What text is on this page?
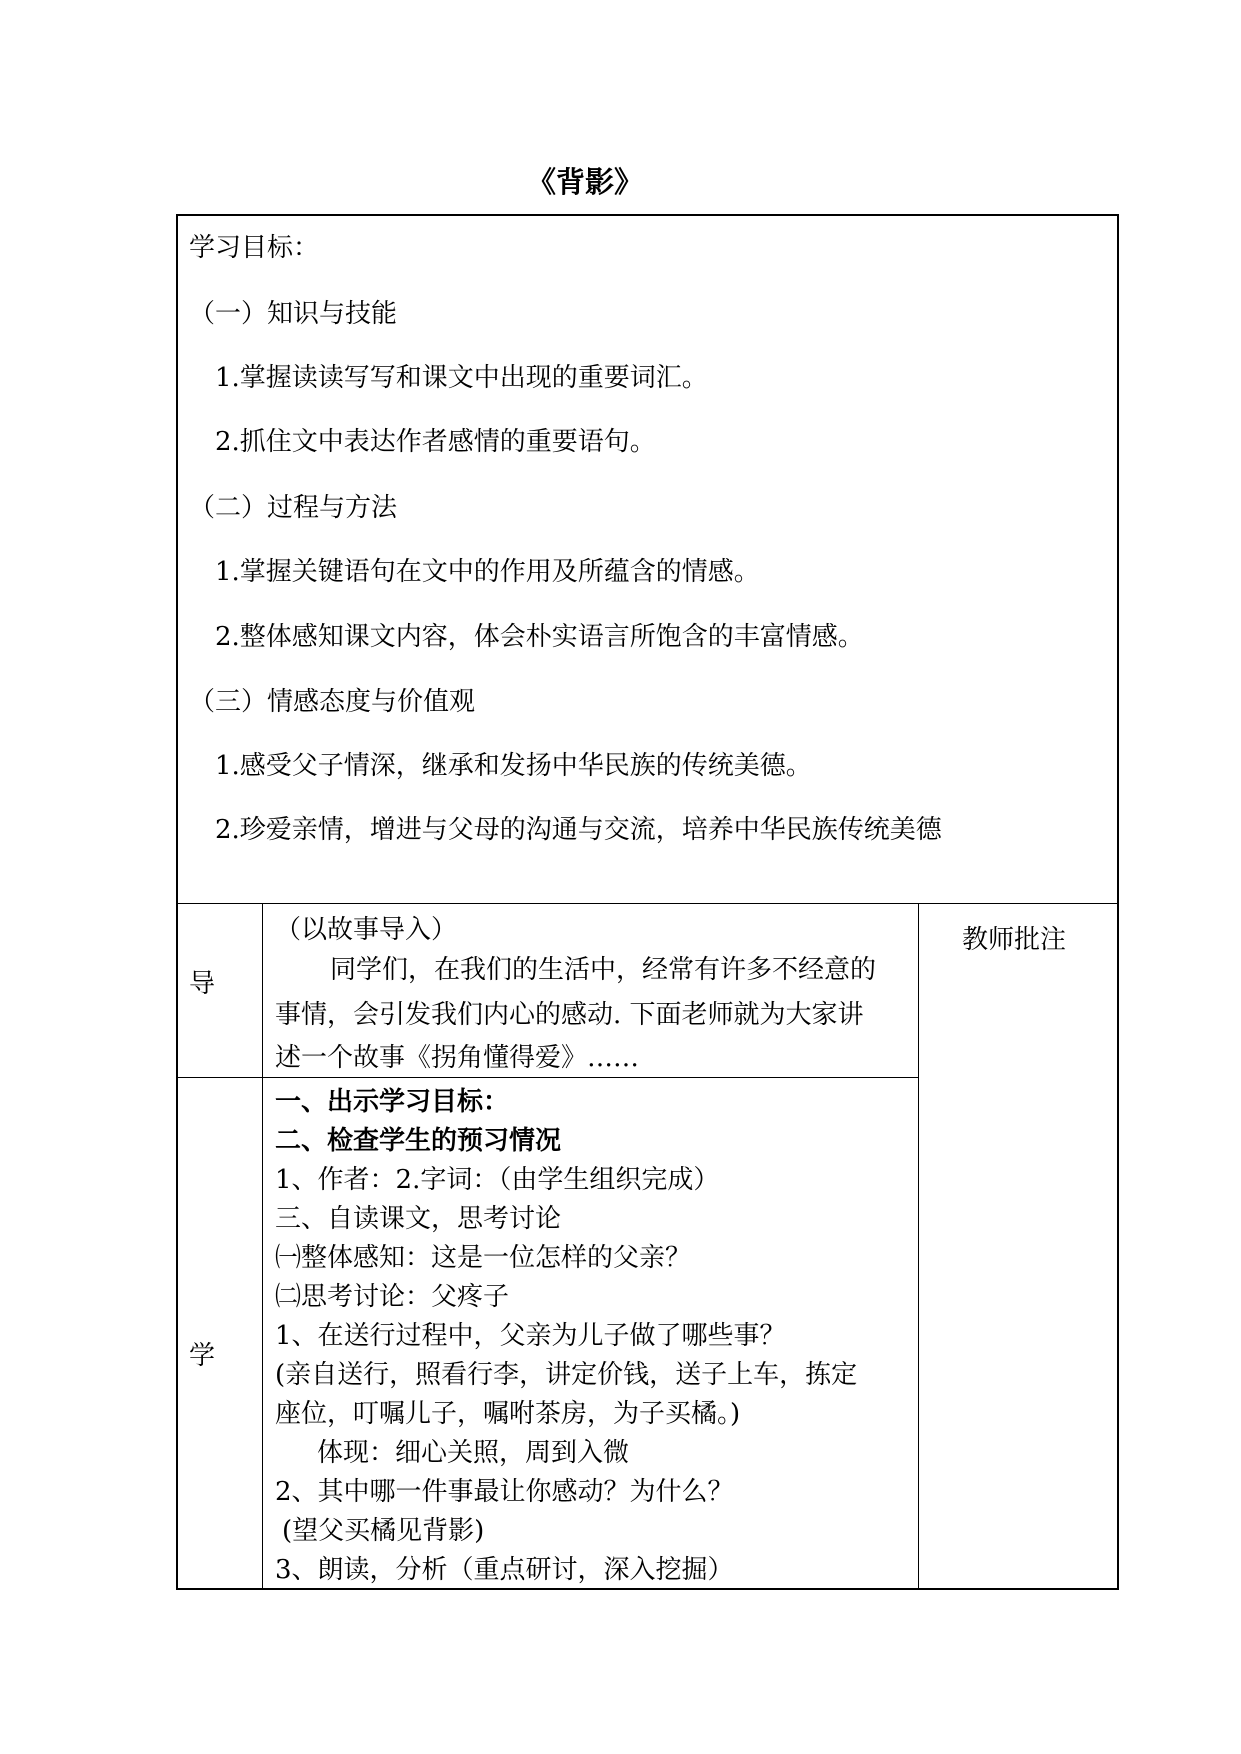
《背影》
学习目标：
（一）知识与技能
1.掌握读读写写和课文中出现的重要词汇。
2.抓住文中表达作者感情的重要语句。
（二）过程与方法
1.掌握关键语句在文中的作用及所蕴含的情感。
2.整体感知课文内容，体会朴实语言所饱含的丰富情感。
（三）情感态度与价值观
1.感受父子情深，继承和发扬中华民族的传统美德。
2.珍爱亲情，增进与父母的沟通与交流，培养中华民族传统美德
教师批注
导
（以故事导入）
同学们，在我们的生活中，经常有许多不经意的
事情，会引发我们内心的感动. 下面老师就为大家讲
述一个故事《拐角懂得爱》……
学
一、出示学习目标：
二、检查学生的预习情况
1、作者：2.字词：（由学生组织完成）
三、自读课文，思考讨论
㈠整体感知：这是一位怎样的父亲？
㈡思考讨论：父疼子
1、在送行过程中，父亲为儿子做了哪些事？
(亲自送行，照看行李，讲定价钱，送子上车，拣定
座位，叮嘱儿子，嘱咐茶房，为子买橘。)
体现：细心关照，周到入微
2、其中哪一件事最让你感动？为什么？
(望父买橘见背影)
3、朗读，分析（重点研讨，深入挖掘）
